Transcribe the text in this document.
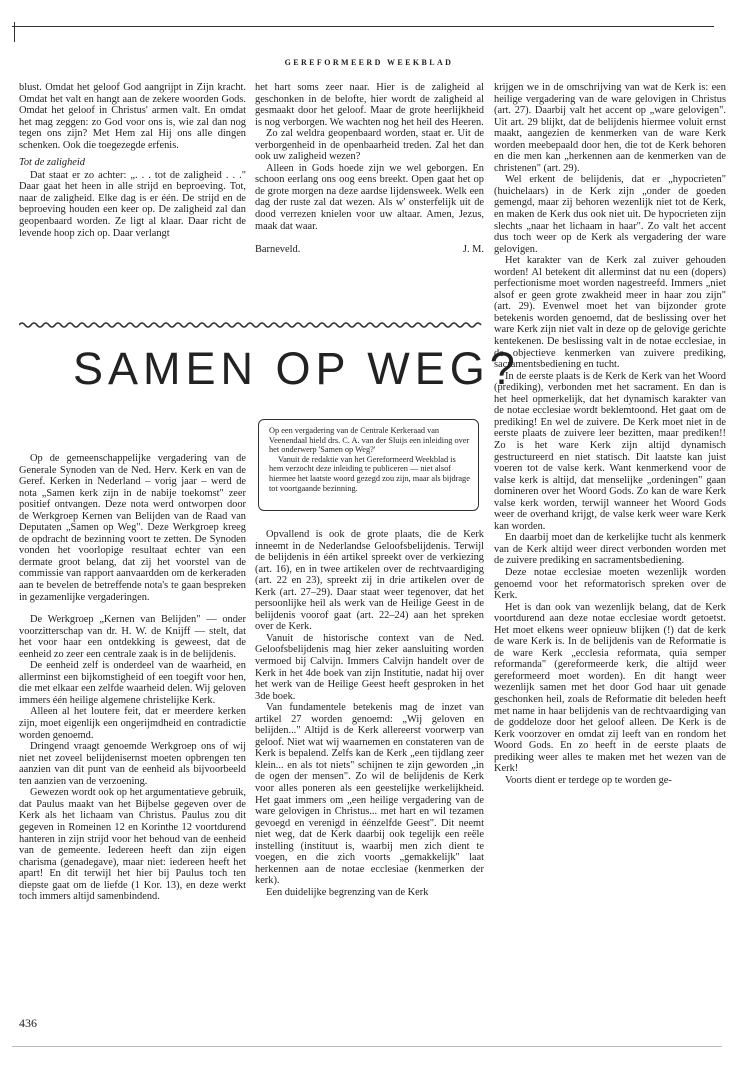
GEREFORMEERD WEEKBLAD

blust. Omdat het geloof God aangrijpt in Zijn kracht. Omdat het valt en hangt aan de zekere woorden Gods. Omdat het geloof in Christus' armen valt. En omdat het mag zeggen: zo God voor ons is, wie zal dan nog tegen ons zijn? Met Hem zal Hij ons alle dingen schenken. Ook die toegezegde erfenis.

Tot de zaligheid

Dat staat er zo achter: „. . . tot de zaligheid . . ." Daar gaat het heen in alle strijd en beproeving. Tot, naar de zaligheid. Elke dag is er één. De strijd en de beproeving houden een keer op. De zaligheid zal dan geopenbaard worden. Ze ligt al klaar. Daar richt de levende hoop zich op. Daar verlangt

het hart soms zeer naar. Hier is de zaligheid al geschonken in de belofte, hier wordt de zaligheid al gesmaakt door het geloof. Maar de grote heerlijkheid is nog verborgen. We wachten nog het heil des Heeren.

Zo zal weldra geopenbaard worden, staat er. Uit de verborgenheid in de openbaarheid treden. Zal het dan ook uw zaligheid wezen?

Alleen in Gods hoede zijn we wel geborgen. En schoon eerlang ons oog eens breekt. Open gaat het op de grote morgen na deze aardse lijdensweek. Welk een dag der ruste zal dat wezen. Als w' onsterfelijk uit de dood verrezen knielen voor uw altaar. Amen, Jezus, maak dat waar.

Barneveld.	J. M.
SAMEN OP WEG?

Op de gemeenschappelijke vergadering van de Generale Synoden van de Ned. Herv. Kerk en van de Geref. Kerken in Nederland – vorig jaar – werd de nota „Samen kerk zijn in de nabije toekomst" zeer positief ontvangen. Deze nota werd ontworpen door de Werkgroep Kernen van Belijden van de Raad van Deputaten „Samen op Weg". Deze Werkgroep kreeg de opdracht de bezinning voort te zetten. De Synoden vonden het voorlopige resultaat echter van een dermate groot belang, dat zij het voorstel van de commissie van rapport aanvaardden om de kerkeraden aan te bevelen de betreffende nota's te gaan bespreken in gezamenlijke vergaderingen.

De Werkgroep „Kernen van Belijden" — onder voorzitterschap van dr. H. W. de Knijff — stelt, dat het voor haar een ontdekking is geweest, dat de eenheid zo zeer een centrale zaak is in de belijdenis.

De eenheid zelf is onderdeel van de waarheid, en allerminst een bijkomstigheid of een toegift voor hen, die met elkaar een zelfde waarheid delen. Wij geloven immers één heilige algemene christelijke Kerk.

Alleen al het loutere feit, dat er meerdere kerken zijn, moet eigenlijk een ongerijmdheid en contradictie worden genoemd.

Dringend vraagt genoemde Werkgroep ons of wij niet net zoveel belijdenisernst moeten opbrengen ten aanzien van dit punt van de eenheid als bijvoorbeeld ten aanzien van de verzoening.

Gewezen wordt ook op het argumentatieve gebruik, dat Paulus maakt van het Bijbelse gegeven over de Kerk als het lichaam van Christus. Paulus zou dit gegeven in Romeinen 12 en Korinthe 12 voortdurend hanteren in zijn strijd voor het behoud van de eenheid van de gemeente. Iedereen heeft dan zijn eigen charisma (genadegave), maar niet: iedereen heeft het apart! En dit terwijl het hier bij Paulus toch ten diepste gaat om de liefde (1 Kor. 13), en deze werkt toch immers altijd samenbindend.

Op een vergadering van de Centrale Kerkeraad van Veenendaal hield drs. C. A. van der Sluijs een inleiding over het onderwerp 'Samen op Weg?'

Vanuit de redaktie van het Gereformeerd Weekblad is hem verzocht deze inleiding te publiceren — niet alsof hiermee het laatste woord gezegd zou zijn, maar als bijdrage tot voortgaande bezinning.

Opvallend is ook de grote plaats, die de Kerk inneemt in de Nederlandse Geloofsbelijdenis. Terwijl de belijdenis in één artikel spreekt over de verkiezing (art. 16), en in twee artikelen over de rechtvaardiging (art. 22 en 23), spreekt zij in drie artikelen over de Kerk (art. 27–29). Daar staat weer tegenover, dat het persoonlijke heil als werk van de Heilige Geest in de belijdenis voorof gaat (art. 22–24) aan het spreken over de Kerk.

Vanuit de historische context van de Ned. Geloofsbelijdenis mag hier zeker aansluiting worden vermoed bij Calvijn. Immers Calvijn handelt over de Kerk in het 4de boek van zijn Institutie, nadat hij over het werk van de Heilige Geest heeft gesproken in het 3de boek.

Van fundamentele betekenis mag de inzet van artikel 27 worden genoemd: „Wij geloven en belijden..." Altijd is de Kerk allereerst voorwerp van geloof. Niet wat wij waarnemen en constateren van de Kerk is bepalend. Zelfs kan de Kerk „een tijdlang zeer klein... en als tot niets" schijnen te zijn geworden „in de ogen der mensen". Zo wil de belijdenis de Kerk voor alles poneren als een geestelijke werkelijkheid. Het gaat immers om „een heilige vergadering van de ware gelovigen in Christus... met hart en wil tezamen gevoegd en verenigd in éénzelfde Geest". Dit neemt niet weg, dat de Kerk daarbij ook tegelijk een reële instelling (instituut is, waarbij men zich dient te voegen, en die zich voorts „gemakkelijk" laat herkennen aan de notae ecclesiae (kenmerken der kerk).

Een duidelijke begrenzing van de Kerk

krijgen we in de omschrijving van wat de Kerk is: een heilige vergadering van de ware gelovigen in Christus (art. 27). Daarbij valt het accent op „ware gelovigen". Uit art. 29 blijkt, dat de belijdenis hiermee voluit ernst maakt, aangezien de kenmerken van de ware Kerk worden meebepaald door hen, die tot de Kerk behoren en die men kan „herkennen aan de kenmerken van de christenen" (art. 29).

Wel erkent de belijdenis, dat er „hypocrieten" (huichelaars) in de Kerk zijn „onder de goeden gemengd, maar zij behoren wezenlijk niet tot de Kerk, en maken de Kerk dus ook niet uit. De hypocrieten zijn slechts „naar het lichaam in haar". Zo valt het accent dus toch weer op de Kerk als vergadering der ware gelovigen.

Het karakter van de Kerk zal zuiver gehouden worden! Al betekent dit allerminst dat nu een (dopers) perfectionisme moet worden nagestreefd. Immers „niet alsof er geen grote zwakheid meer in haar zou zijn" (art. 29). Evenwel moet het van bijzonder grote betekenis worden genoemd, dat de beslissing over het ware Kerk zijn niet valt in deze op de gelovige gerichte kentekenen. De beslissing valt in de notae ecclesiae, in de objectieve kenmerken van zuivere prediking, sacramentsbediening en tucht.

In de eerste plaats is de Kerk de Kerk van het Woord (prediking), verbonden met het sacrament. En dan is het heel opmerkelijk, dat het dynamisch karakter van de notae ecclesiae wordt beklemtoond. Het gaat om de prediking! En wel de zuivere. De Kerk moet niet in de eerste plaats de zuivere leer bezitten, maar prediken!! Zo is het ware Kerk zijn altijd dynamisch gestructureerd en niet statisch. Dit laatste kan juist voeren tot de valse kerk. Want kenmerkend voor de valse kerk is altijd, dat menselijke „ordeningen" gaan domineren over het Woord Gods. Zo kan de ware Kerk valse kerk worden, terwijl wanneer het Woord Gods weer de overhand krijgt, de valse kerk weer ware Kerk kan worden.

En daarbij moet dan de kerkelijke tucht als kenmerk van de Kerk altijd weer direct verbonden worden met de zuivere prediking en sacramentsbediening.

Deze notae ecclesiae moeten wezenlijk worden genoemd voor het reformatorisch spreken over de Kerk.

Het is dan ook van wezenlijk belang, dat de Kerk voortdurend aan deze notae ecclesiae wordt getoetst. Het moet elkens weer opnieuw blijken (!) dat de kerk de ware Kerk is. In de belijdenis van de Reformatie is de ware Kerk „ecclesia reformata, quia semper reformanda" (gereformeerde kerk, die altijd weer gereformeerd moet worden). En dit hangt weer wezenlijk samen met het door God haar uit genade geschonken heil, zoals de Reformatie dit beleden heeft met name in haar belijdenis van de rechtvaardiging van de goddeloze door het geloof alleen. De Kerk is de Kerk voorzover en omdat zij leeft van en rondom het Woord Gods. En zo heeft in de eerste plaats de prediking weer alles te maken met het wezen van de Kerk!

Voorts dient er terdege op te worden ge-

436
